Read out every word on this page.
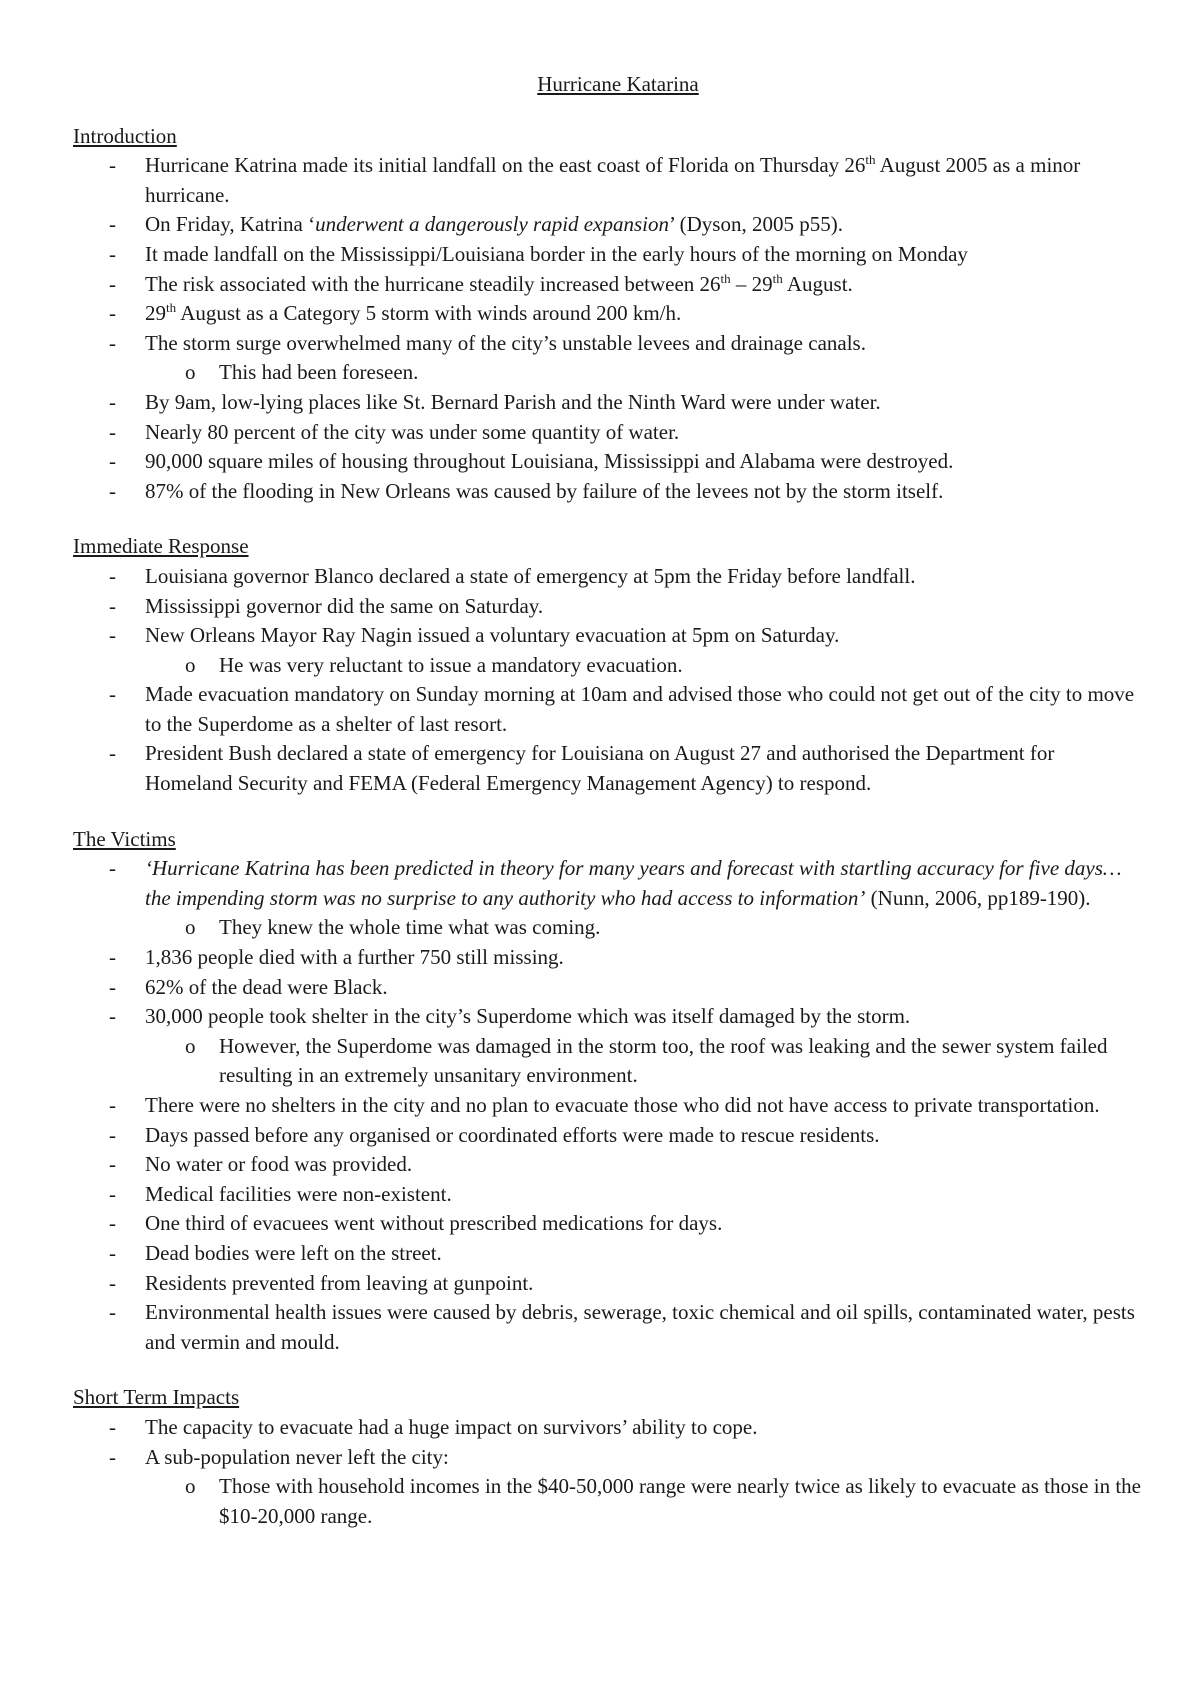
Hurricane Katarina
Introduction
- Hurricane Katrina made its initial landfall on the east coast of Florida on Thursday 26th August 2005 as a minor hurricane.
- On Friday, Katrina ‘underwent a dangerously rapid expansion’ (Dyson, 2005 p55).
- It made landfall on the Mississippi/Louisiana border in the early hours of the morning on Monday
- The risk associated with the hurricane steadily increased between 26th – 29th August.
- 29th August as a Category 5 storm with winds around 200 km/h.
- The storm surge overwhelmed many of the city’s unstable levees and drainage canals.
o This had been foreseen.
- By 9am, low-lying places like St. Bernard Parish and the Ninth Ward were under water.
- Nearly 80 percent of the city was under some quantity of water.
- 90,000 square miles of housing throughout Louisiana, Mississippi and Alabama were destroyed.
- 87% of the flooding in New Orleans was caused by failure of the levees not by the storm itself.
Immediate Response
- Louisiana governor Blanco declared a state of emergency at 5pm the Friday before landfall.
- Mississippi governor did the same on Saturday.
- New Orleans Mayor Ray Nagin issued a voluntary evacuation at 5pm on Saturday.
o He was very reluctant to issue a mandatory evacuation.
- Made evacuation mandatory on Sunday morning at 10am and advised those who could not get out of the city to move to the Superdome as a shelter of last resort.
- President Bush declared a state of emergency for Louisiana on August 27 and authorised the Department for Homeland Security and FEMA (Federal Emergency Management Agency) to respond.
The Victims
- ‘Hurricane Katrina has been predicted in theory for many years and forecast with startling accuracy for five days… the impending storm was no surprise to any authority who had access to information’ (Nunn, 2006, pp189-190).
o They knew the whole time what was coming.
- 1,836 people died with a further 750 still missing.
- 62% of the dead were Black.
- 30,000 people took shelter in the city’s Superdome which was itself damaged by the storm.
o However, the Superdome was damaged in the storm too, the roof was leaking and the sewer system failed resulting in an extremely unsanitary environment.
- There were no shelters in the city and no plan to evacuate those who did not have access to private transportation.
- Days passed before any organised or coordinated efforts were made to rescue residents.
- No water or food was provided.
- Medical facilities were non-existent.
- One third of evacuees went without prescribed medications for days.
- Dead bodies were left on the street.
- Residents prevented from leaving at gunpoint.
- Environmental health issues were caused by debris, sewerage, toxic chemical and oil spills, contaminated water, pests and vermin and mould.
Short Term Impacts
- The capacity to evacuate had a huge impact on survivors’ ability to cope.
- A sub-population never left the city:
o Those with household incomes in the $40-50,000 range were nearly twice as likely to evacuate as those in the $10-20,000 range.
